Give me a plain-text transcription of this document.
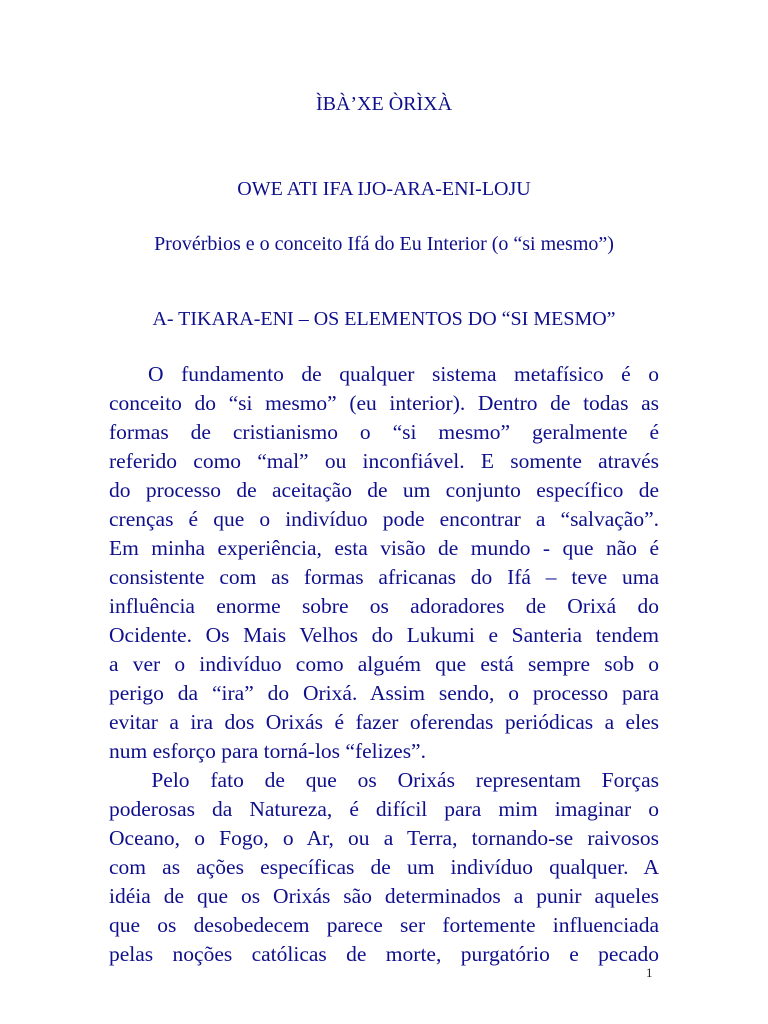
ÌBÀ’XE ÒRÌXÀ
OWE ATI IFA IJO-ARA-ENI-LOJU
Provérbios e o conceito Ifá do Eu Interior (o “si mesmo”)
A- TIKARA-ENI – OS ELEMENTOS DO “SI MESMO”
  O fundamento de qualquer sistema metafísico é o
conceito do “si mesmo” (eu interior). Dentro de todas as
formas de cristianismo o “si mesmo” geralmente é
referido como “mal” ou inconfiável. E somente através
do processo de aceitação de um conjunto específico de
crenças é que o indivíduo pode encontrar a “salvação”.
Em minha experiência, esta visão de mundo - que não é
consistente com as formas africanas do Ifá – teve uma
influência enorme sobre os adoradores de Orixá do
Ocidente. Os Mais Velhos do Lukumi e Santeria tendem
a ver o indivíduo como alguém que está sempre sob o
perigo da “ira” do Orixá. Assim sendo, o processo para
evitar a ira dos Orixás é fazer oferendas periódicas a eles
num esforço para torná-los “felizes”.
  Pelo fato de que os Orixás representam Forças
poderosas da Natureza, é difícil para mim imaginar o
Oceano, o Fogo, o Ar, ou a Terra, tornando-se raivosos
com as ações específicas de um indivíduo qualquer. A
idéia de que os Orixás são determinados a punir aqueles
que os desobedecem parece ser fortemente influenciada
pelas noções católicas de morte, purgatório e pecado
1
